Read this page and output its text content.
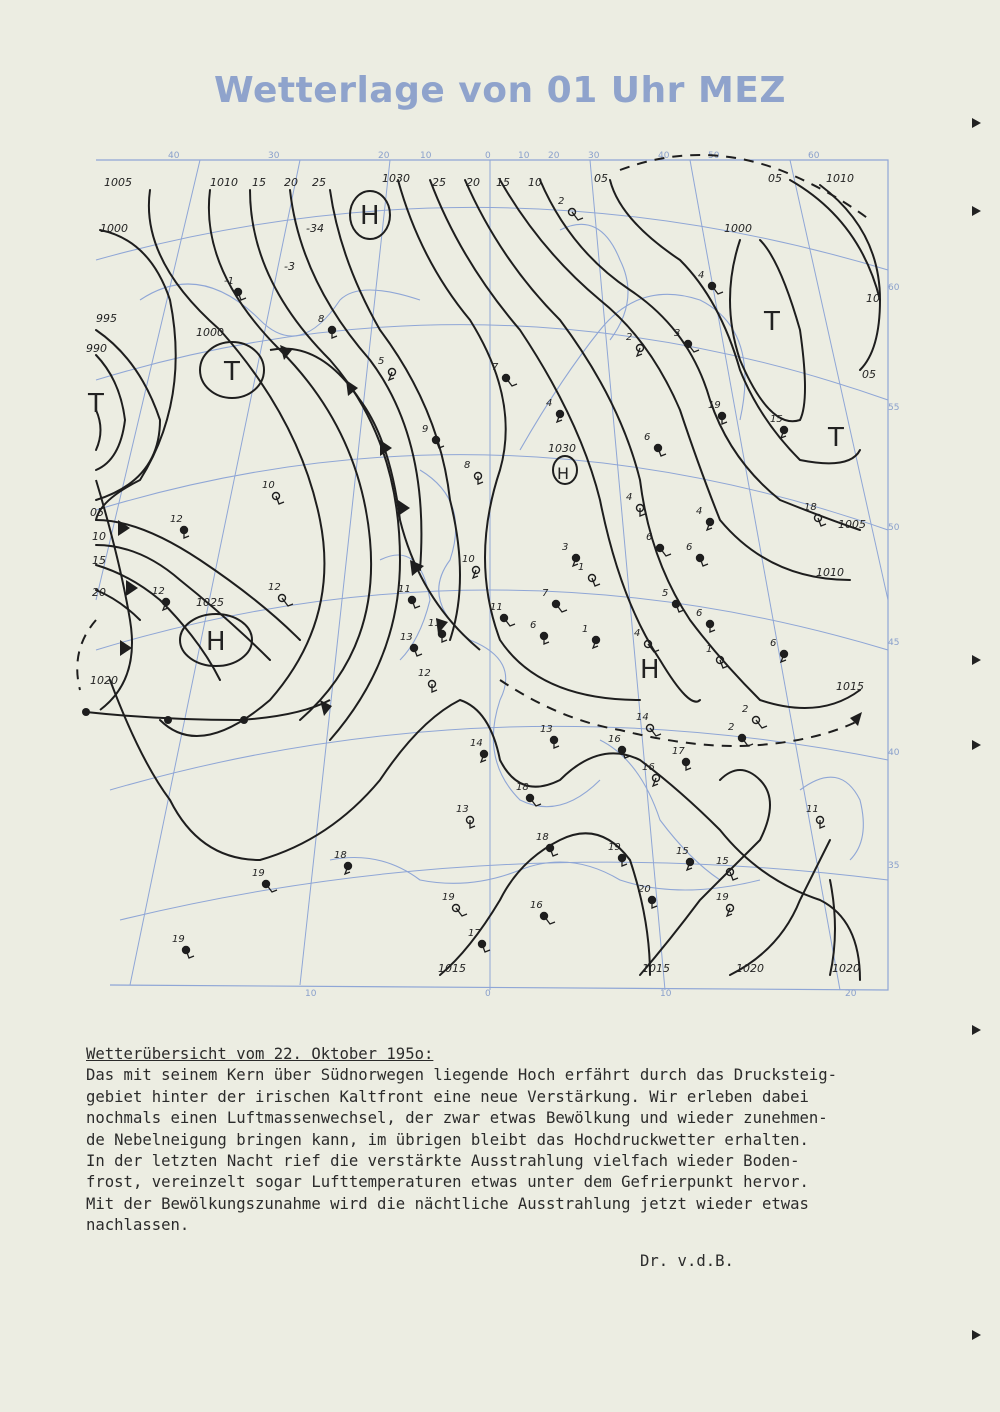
Wetterlage von 01 Uhr MEZ
40	30	20	10	0	10 20	30	40	50	60
10	0	10	20
60
55
50
45
40
35
H
T
T
H
H
T
T
H
1005	1010 15 20 25	1030 25 20 15 10	05	05	1010
1000	1000
995
990
1000
10
05
1005
1010
1015
1020
1020
1015	1015	1020
1025
1030
05
10
15
20
-34
-3
2
-1
8
5
7
9
8
4
4
10
12
12	12	11
11
10
11
13
12
3
7
1
6	1	4
5
6
2	3
6
4
4
6
1
13
14
14
16
17
16
18
18
13
18
19
15
19	15
19
19
20
19
16
17
11
6
2
18
19
15
2
6
Wetterübersicht vom 22. Oktober 195o:
Das mit seinem Kern über Südnorwegen liegende Hoch erfährt durch das Drucksteig-
gebiet hinter der irischen Kaltfront eine neue Verstärkung. Wir erleben dabei
nochmals einen Luftmassenwechsel, der zwar etwas Bewölkung und wieder zunehmen-
de Nebelneigung bringen kann, im übrigen bleibt das Hochdruckwetter erhalten.
In der letzten Nacht rief die verstärkte Ausstrahlung vielfach wieder Boden-
frost, vereinzelt sogar Lufttemperaturen etwas unter dem Gefrierpunkt hervor.
Mit der Bewölkungszunahme wird die nächtliche Ausstrahlung jetzt wieder etwas
nachlassen.
Dr. v.d.B.
